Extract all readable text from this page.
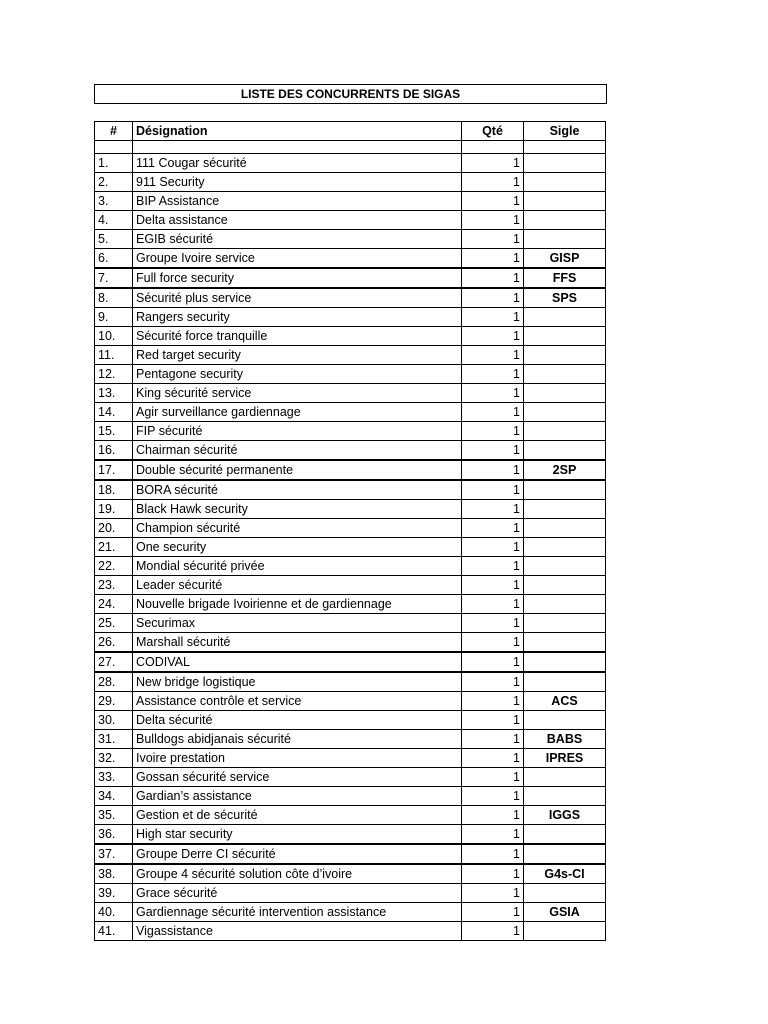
LISTE DES CONCURRENTS DE SIGAS
#	Désignation	Qté	Sigle

1.	111 Cougar sécurité	1	
2.	911 Security	1	
3.	BIP Assistance	1	
4.	Delta assistance	1	
5.	EGIB sécurité	1	
6.	Groupe Ivoire service	1	GISP
7.	Full force security	1	FFS
8.	Sécurité plus service	1	SPS
9.	Rangers security	1	
10.	Sécurité force tranquille	1	
11.	Red target security	1	
12.	Pentagone security	1	
13.	King sécurité service	1	
14.	Agir surveillance gardiennage	1	
15.	FIP sécurité	1	
16.	Chairman sécurité	1	
17.	Double sécurité permanente	1	2SP
18.	BORA sécurité	1	
19.	Black Hawk security	1	
20.	Champion sécurité	1	
21.	One security	1	
22.	Mondial sécurité privée	1	
23.	Leader sécurité	1	
24.	Nouvelle brigade Ivoirienne et de gardiennage	1	
25.	Securimax	1	
26.	Marshall sécurité	1	
27.	CODIVAL	1	
28.	New bridge logistique	1	
29.	Assistance contrôle et service	1	ACS
30.	Delta sécurité	1	
31.	Bulldogs abidjanais sécurité	1	BABS
32.	Ivoire prestation	1	IPRES
33.	Gossan sécurité service	1	
34.	Gardian’s assistance	1	
35.	Gestion et de sécurité	1	IGGS
36.	High star security	1	
37.	Groupe Derre CI sécurité	1	
38.	Groupe 4 sécurité solution côte d’ivoire	1	G4s-CI
39.	Grace sécurité	1	
40.	Gardiennage sécurité intervention assistance	1	GSIA
41.	Vigassistance	1	
